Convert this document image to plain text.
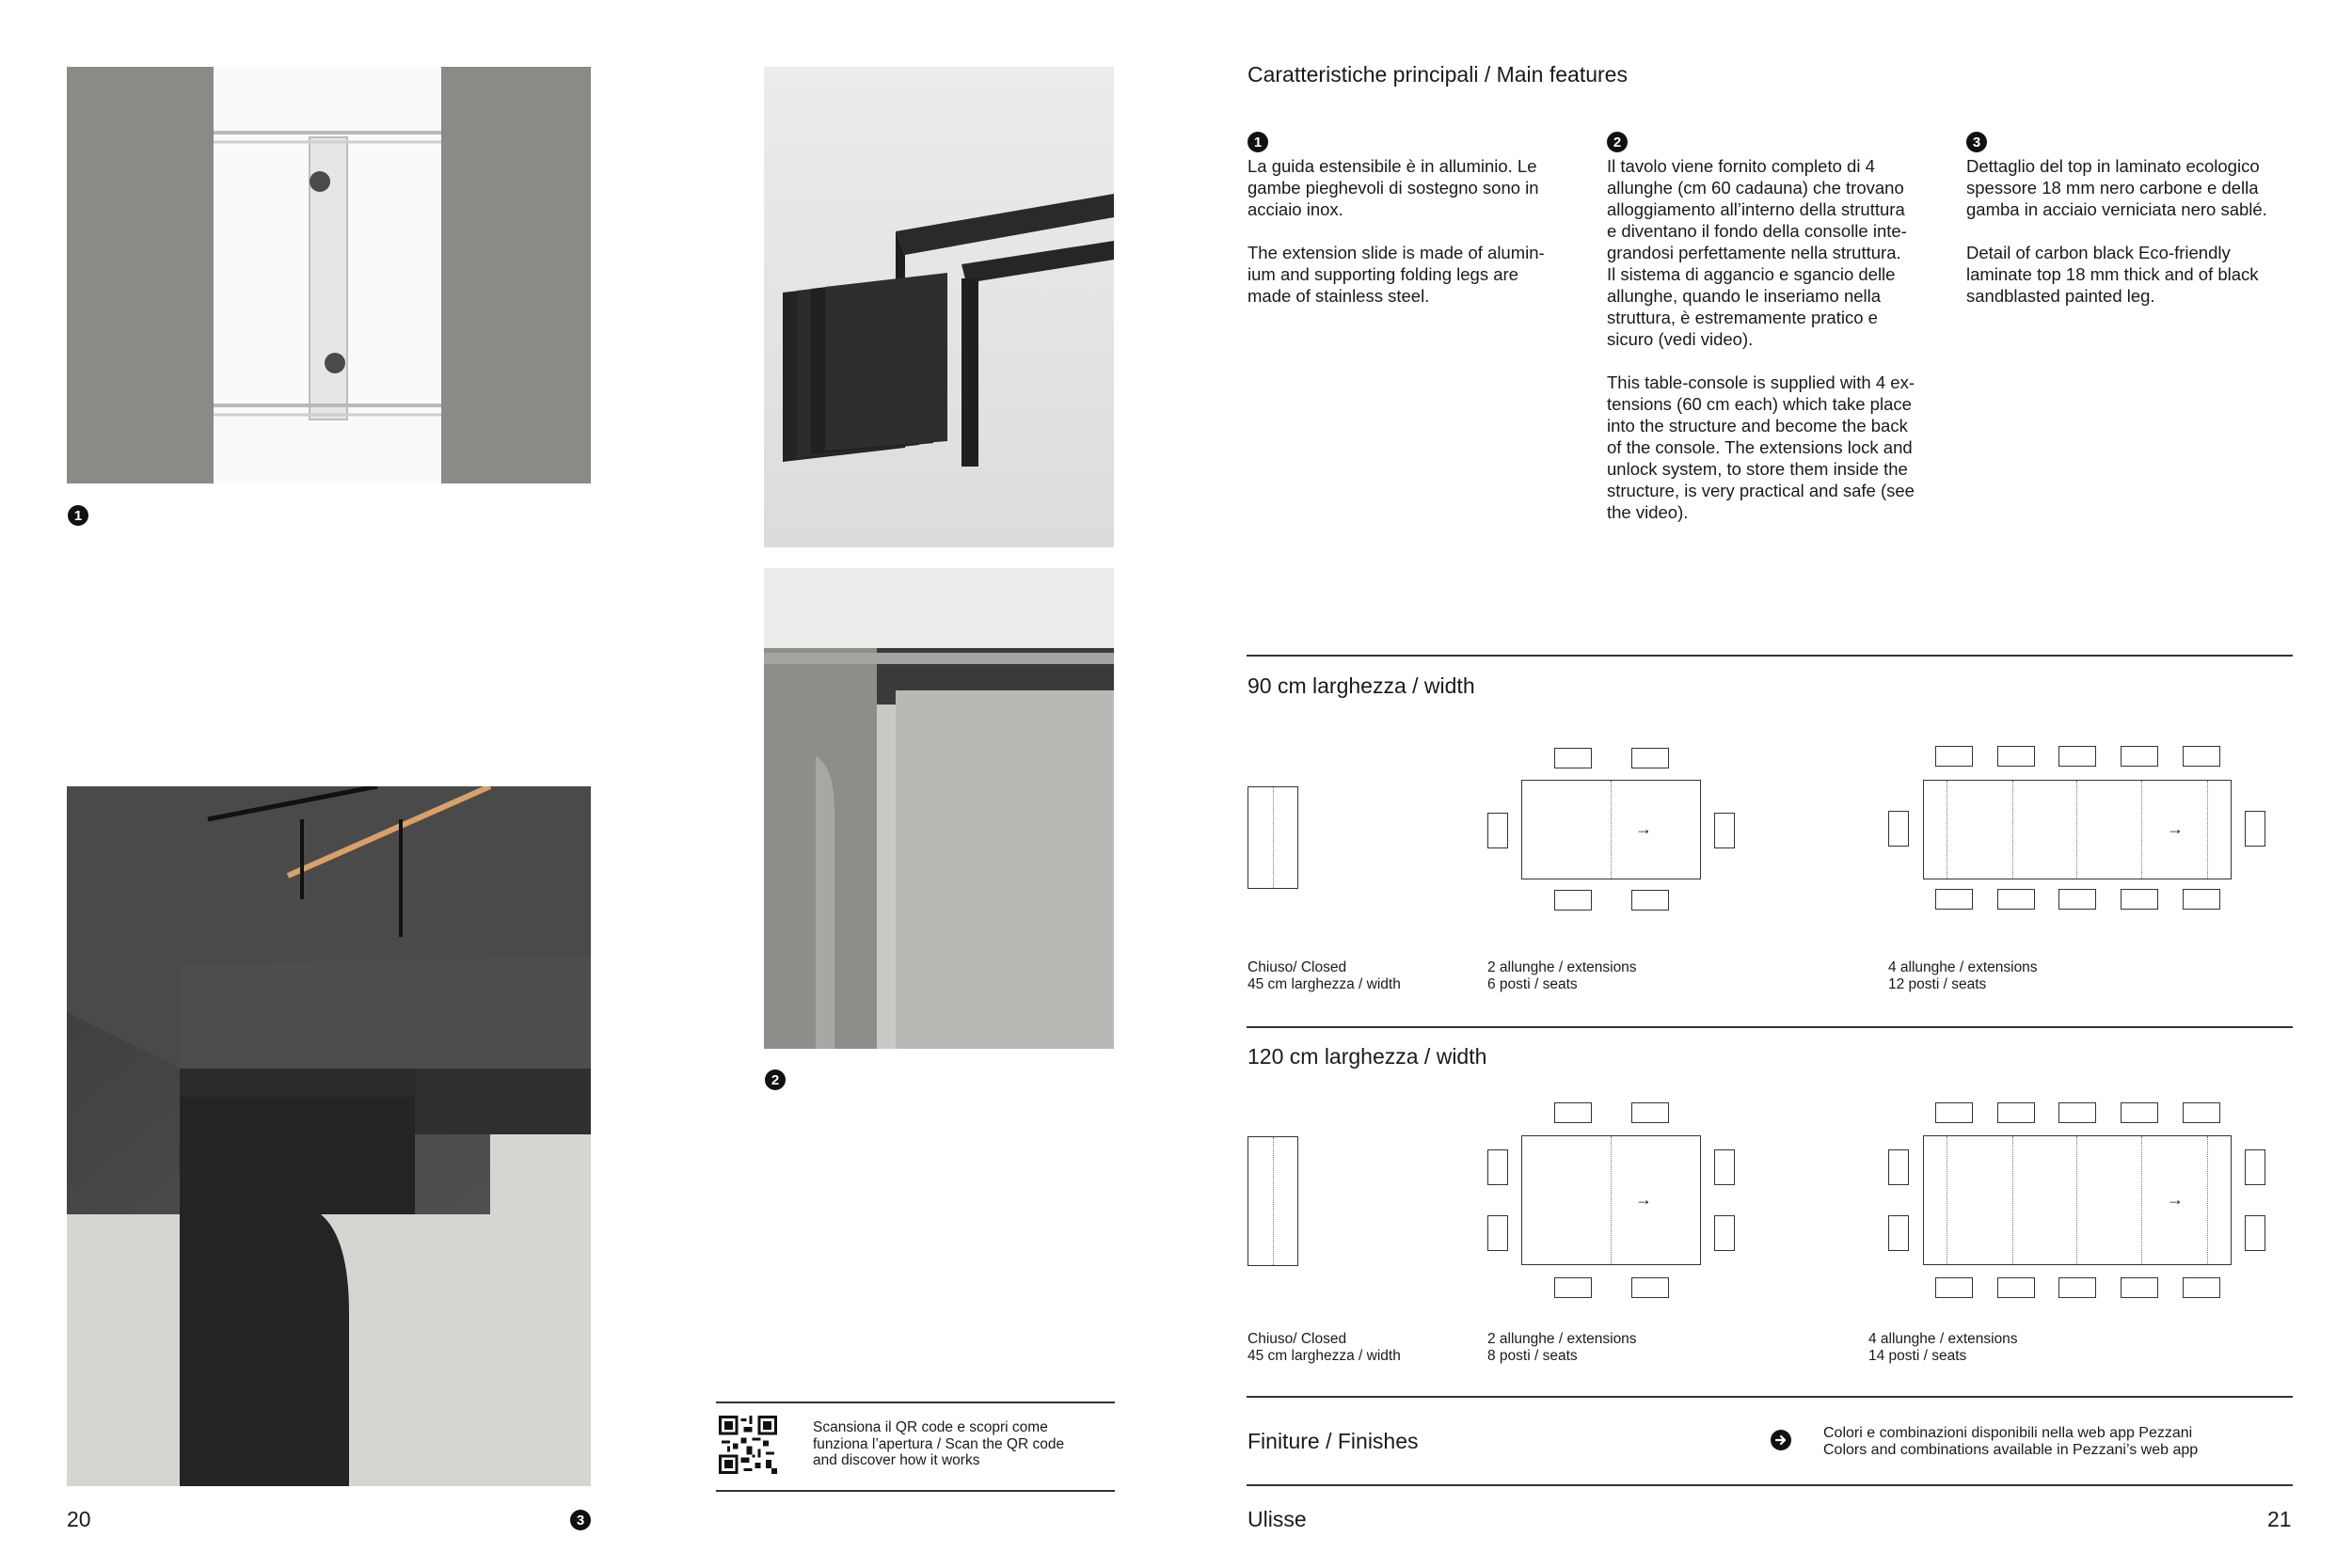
1
2
20	3
Scansiona il QR code e scopri come
funziona l’apertura / Scan the QR code
and discover how it works
Caratteristiche principali / Main features
1
La guida estensibile è in alluminio. Le
gambe pieghevoli di sostegno sono in
acciaio inox.
The extension slide is made of alumin-
ium and supporting folding legs are
made of stainless steel.
2
Il tavolo viene fornito completo di 4
allunghe (cm 60 cadauna) che trovano
alloggiamento all’interno della struttura
e diventano il fondo della consolle inte-
grandosi perfettamente nella struttura.
Il sistema di aggancio e sgancio delle
allunghe, quando le inseriamo nella
struttura, è estremamente pratico e
sicuro (vedi video).
This table-console is supplied with 4 ex-
tensions (60 cm each) which take place
into the structure and become the back
of the console. The extensions lock and
unlock system, to store them inside the
structure, is very practical and safe (see
the video).
3
Dettaglio del top in laminato ecologico
spessore 18 mm nero carbone e della
gamba in acciaio verniciata nero sablé.
Detail of carbon black Eco-friendly
laminate top 18 mm thick and of black
sandblasted painted leg.
90 cm larghezza / width
→	→
Chiuso/ Closed
45 cm larghezza / width
2 allunghe / extensions
6 posti / seats
4 allunghe / extensions
12 posti / seats
120 cm larghezza / width
→	→
Chiuso/ Closed
45 cm larghezza / width
2 allunghe / extensions
8 posti / seats
4 allunghe / extensions
14 posti / seats
Finiture / Finishes	Colori e combinazioni disponibili nella web app Pezzani
Colors and combinations available in Pezzani’s web app
Ulisse	21
